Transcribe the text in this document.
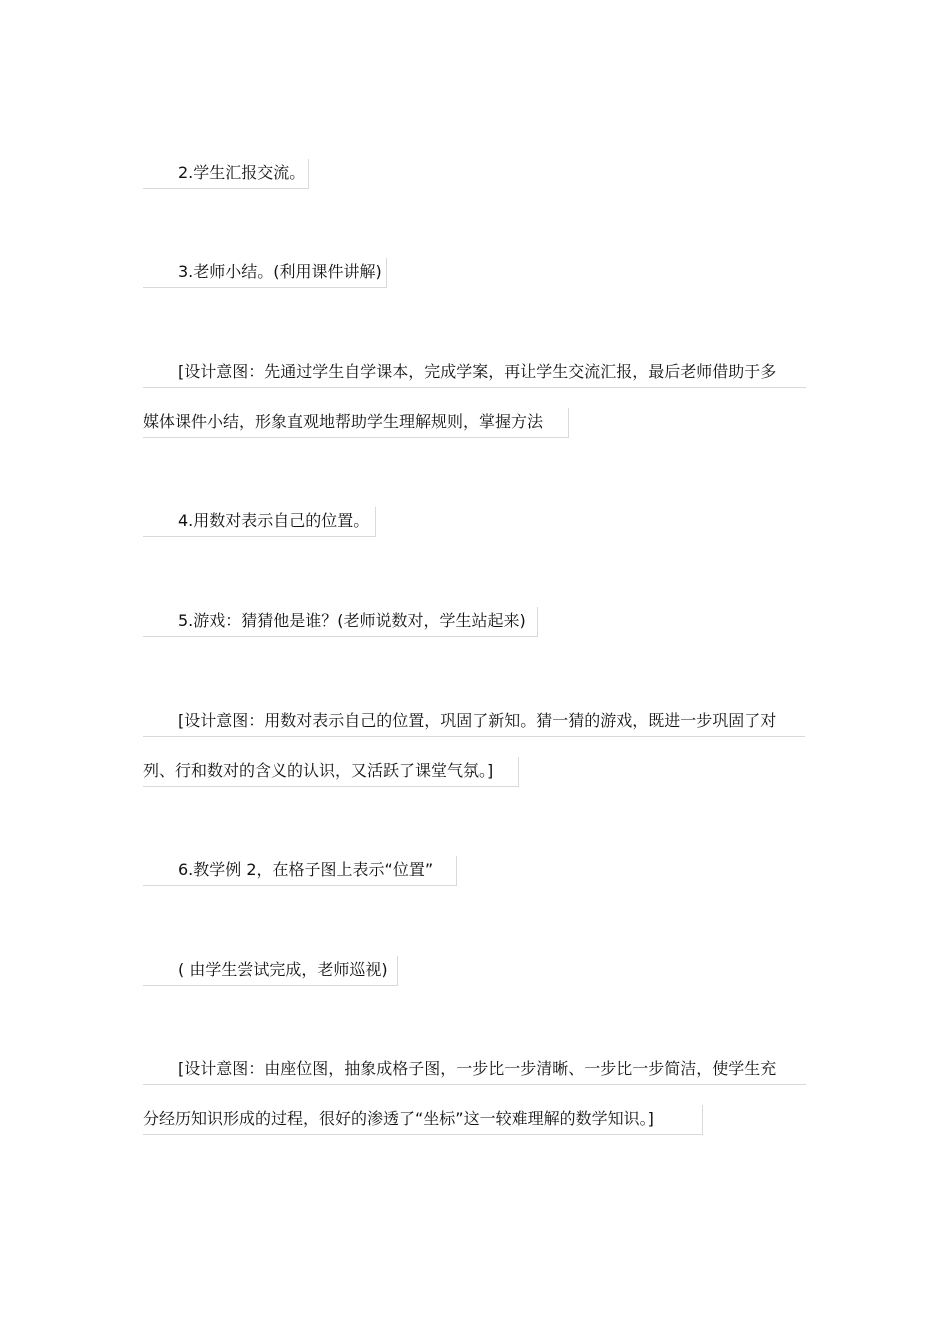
2.学生汇报交流。
3.老师小结。(利用课件讲解)
[设计意图：先通过学生自学课本，完成学案，再让学生交流汇报，最后老师借助于多
媒体课件小结，形象直观地帮助学生理解规则，掌握方法
4.用数对表示自己的位置。
5.游戏：猜猜他是谁？(老师说数对，学生站起来)
[设计意图：用数对表示自己的位置，巩固了新知。猜一猜的游戏，既进一步巩固了对
列、行和数对的含义的认识，又活跃了课堂气氛。]
6.教学例 2，在格子图上表示“位置”
( 由学生尝试完成，老师巡视)
[设计意图：由座位图，抽象成格子图，一步比一步清晰、一步比一步简洁，使学生充
分经历知识形成的过程，很好的渗透了“坐标”这一较难理解的数学知识。]
